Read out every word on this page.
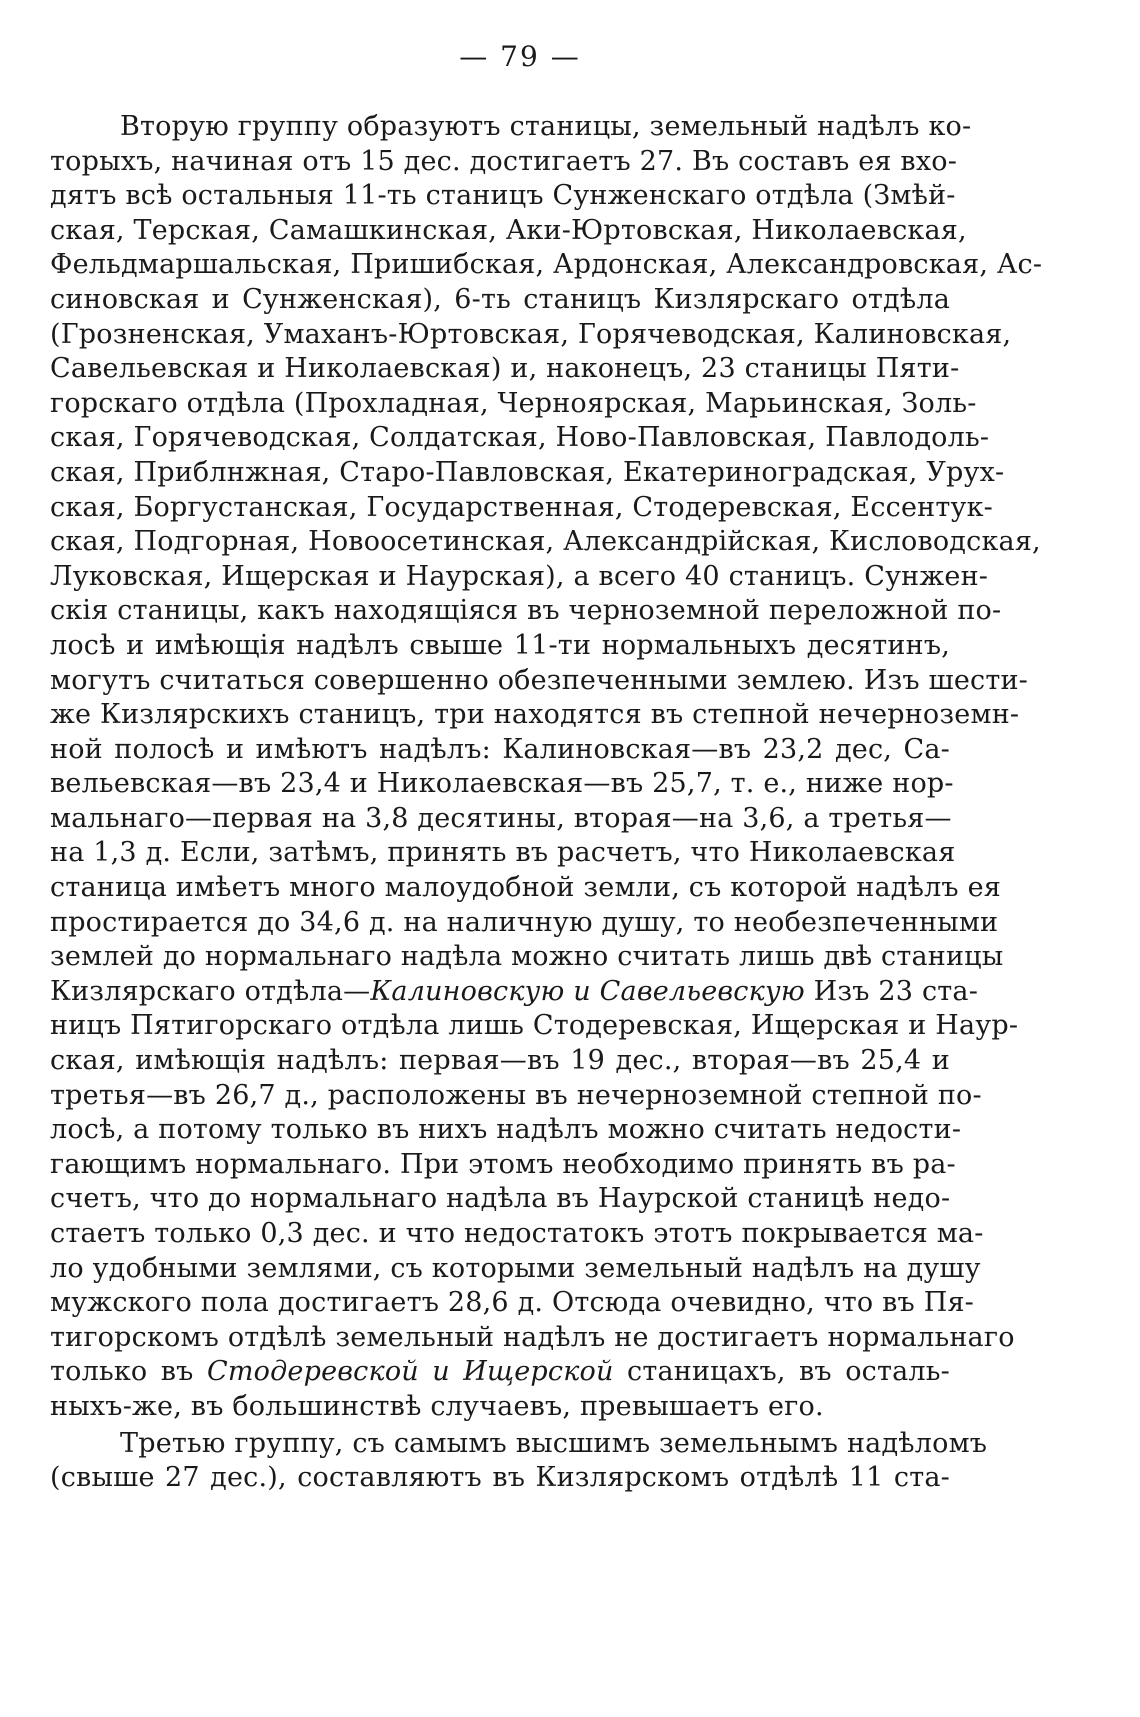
— 79 —
Вторую группу образуютъ станицы, земельный надѣлъ ко-
торыхъ, начиная отъ 15 дес. достигаетъ 27. Въ составъ ея вхо-
дятъ всѣ остальныя 11-ть станицъ Сунженскаго отдѣла (Змѣй-
ская, Терская, Самашкинская, Аки-Юртовская, Николаевская,
Фельдмаршальская, Пришибская, Ардонская, Александровская, Ас-
синовская и Сунженская), 6-ть станицъ Кизлярскаго отдѣла
(Грозненская, Умаханъ-Юртовская, Горячеводская, Калиновская,
Савельевская и Николаевская) и, наконецъ, 23 станицы Пяти-
горскаго отдѣла (Прохладная, Черноярская, Марьинская, Золь-
ская, Горячеводская, Солдатская, Ново-Павловская, Павлодоль-
ская, Приблнжная, Старо-Павловская, Екатериноградская, Урух-
ская, Боргустанская, Государственная, Стодеревская, Ессентук-
ская, Подгорная, Новоосетинская, Александрійская, Кисловодская,
Луковская, Ищерская и Наурская), а всего 40 станицъ. Сунжен-
скія станицы, какъ находящіяся въ черноземной переложной по-
лосѣ и имѣющія надѣлъ свыше 11-ти нормальныхъ десятинъ,
могутъ считаться совершенно обезпеченными землею. Изъ шести-
же Кизлярскихъ станицъ, три находятся въ степной нечерноземн-
ной полосѣ и имѣютъ надѣлъ: Калиновская—въ 23,2 дес, Са-
вельевская—въ 23,4 и Николаевская—въ 25,7, т. е., ниже нор-
мальнаго—первая на 3,8 десятины, вторая—на 3,6, а третья—
на 1,3 д. Если, затѣмъ, принять въ расчетъ, что Николаевская
станица имѣетъ много малоудобной земли, съ которой надѣлъ ея
простирается до 34,6 д. на наличную душу, то необезпеченными
землей до нормальнаго надѣла можно считать лишь двѣ станицы
Кизлярскаго отдѣла—Калиновскую и Савельевскую Изъ 23 ста-
ницъ Пятигорскаго отдѣла лишь Стодеревская, Ищерская и Наур-
ская, имѣющія надѣлъ: первая—въ 19 дес., вторая—въ 25,4 и
третья—въ 26,7 д., расположены въ нечерноземной степной по-
лосѣ, а потому только въ нихъ надѣлъ можно считать недости-
гающимъ нормальнаго. При этомъ необходимо принять въ ра-
счетъ, что до нормальнаго надѣла въ Наурской станицѣ недо-
стаетъ только 0,3 дес. и что недостатокъ этотъ покрывается ма-
ло удобными землями, съ которыми земельный надѣлъ на душу
мужского пола достигаетъ 28,6 д. Отсюда очевидно, что въ Пя-
тигорскомъ отдѣлѣ земельный надѣлъ не достигаетъ нормальнаго
только въ Стодеревской и Ищерской станицахъ, въ осталь-
ныхъ-же, въ большинствѣ случаевъ, превышаетъ его.
Третью группу, съ самымъ высшимъ земельнымъ надѣломъ
(свыше 27 дес.), составляютъ въ Кизлярскомъ отдѣлѣ 11 ста-
